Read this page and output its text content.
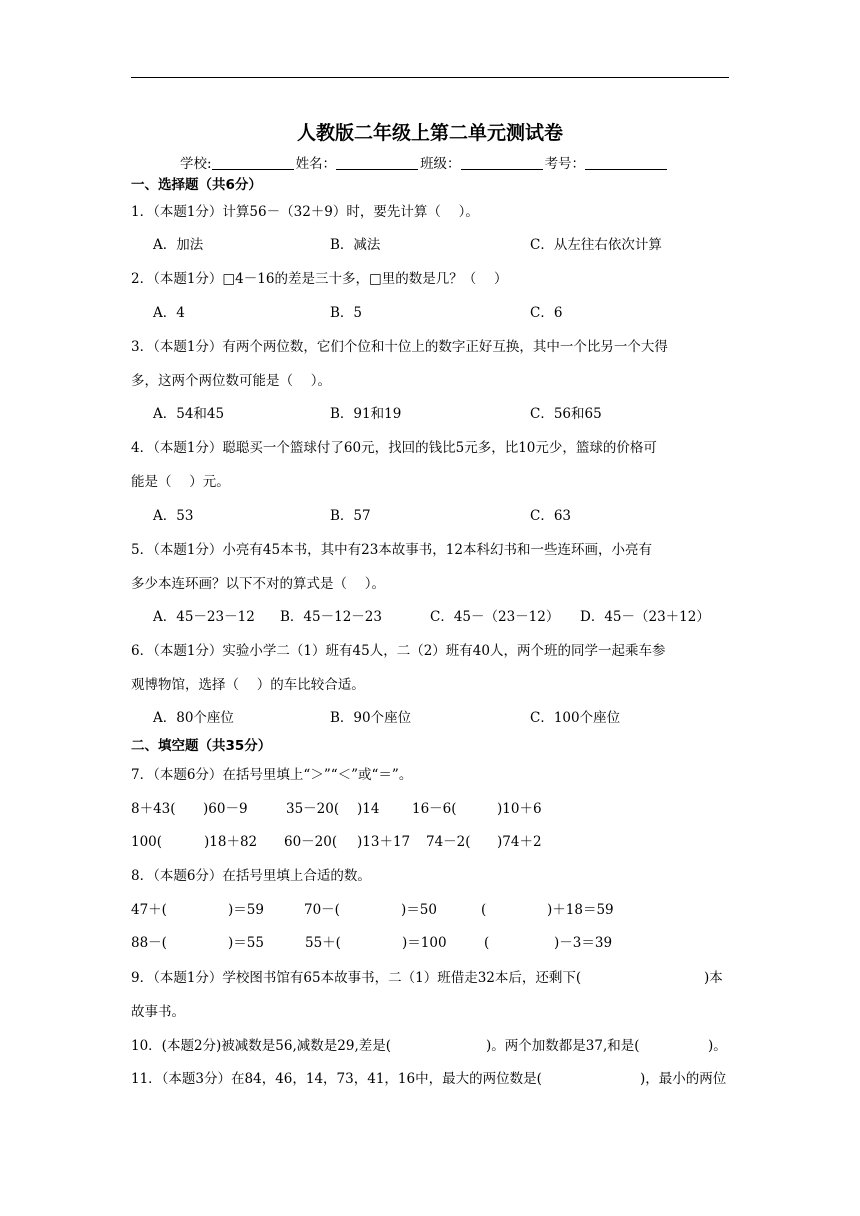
人教版二年级上第二单元测试卷
学校:	姓名：	班级：	考号：
一、选择题（共6分）
1．（本题1分）计算56－（32＋9）时，要先计算（　 ）。
A．加法	B．减法	C．从左往右依次计算
2．（本题1分）□4－16的差是三十多，□里的数是几？（　 ）
A．4	B．5	C．6
3．（本题1分）有两个两位数，它们个位和十位上的数字正好互换，其中一个比另一个大得
多，这两个两位数可能是（　 ）。
A．54和45	B．91和19	C．56和65
4．（本题1分）聪聪买一个篮球付了60元，找回的钱比5元多，比10元少，篮球的价格可
能是（　 ）元。
A．53	B．57	C．63
5．（本题1分）小亮有45本书，其中有23本故事书，12本科幻书和一些连环画，小亮有
多少本连环画？以下不对的算式是（　 ）。
A．45－23－12 B．45－12－23	C．45－（23－12） D．45－（23＋12）
6．（本题1分）实验小学二（1）班有45人，二（2）班有40人，两个班的同学一起乘车参
观博物馆，选择（　 ）的车比较合适。
A．80个座位	B．90个座位	C．100个座位
二、填空题（共35分）
7．（本题6分）在括号里填上“＞”“＜”或“＝”。
8＋43( )60－9	35－20( )14 16－6(	)10＋6
100(	)18＋82 60－20( )13＋17 74－2( )74＋2
8．（本题6分）在括号里填上合适的数。
47＋(	)＝59	70－(	)＝50	(	)＋18＝59
88－(	)＝55	55＋(	)＝100	(	)－3＝39
9．（本题1分）学校图书馆有65本故事书，二（1）班借走32本后，还剩下(	)本
故事书。
10．(本题2分)被减数是56,减数是29,差是(	)。两个加数都是37,和是(	)。
11．（本题3分）在84，46，14，73，41，16中，最大的两位数是(	)，最小的两位
